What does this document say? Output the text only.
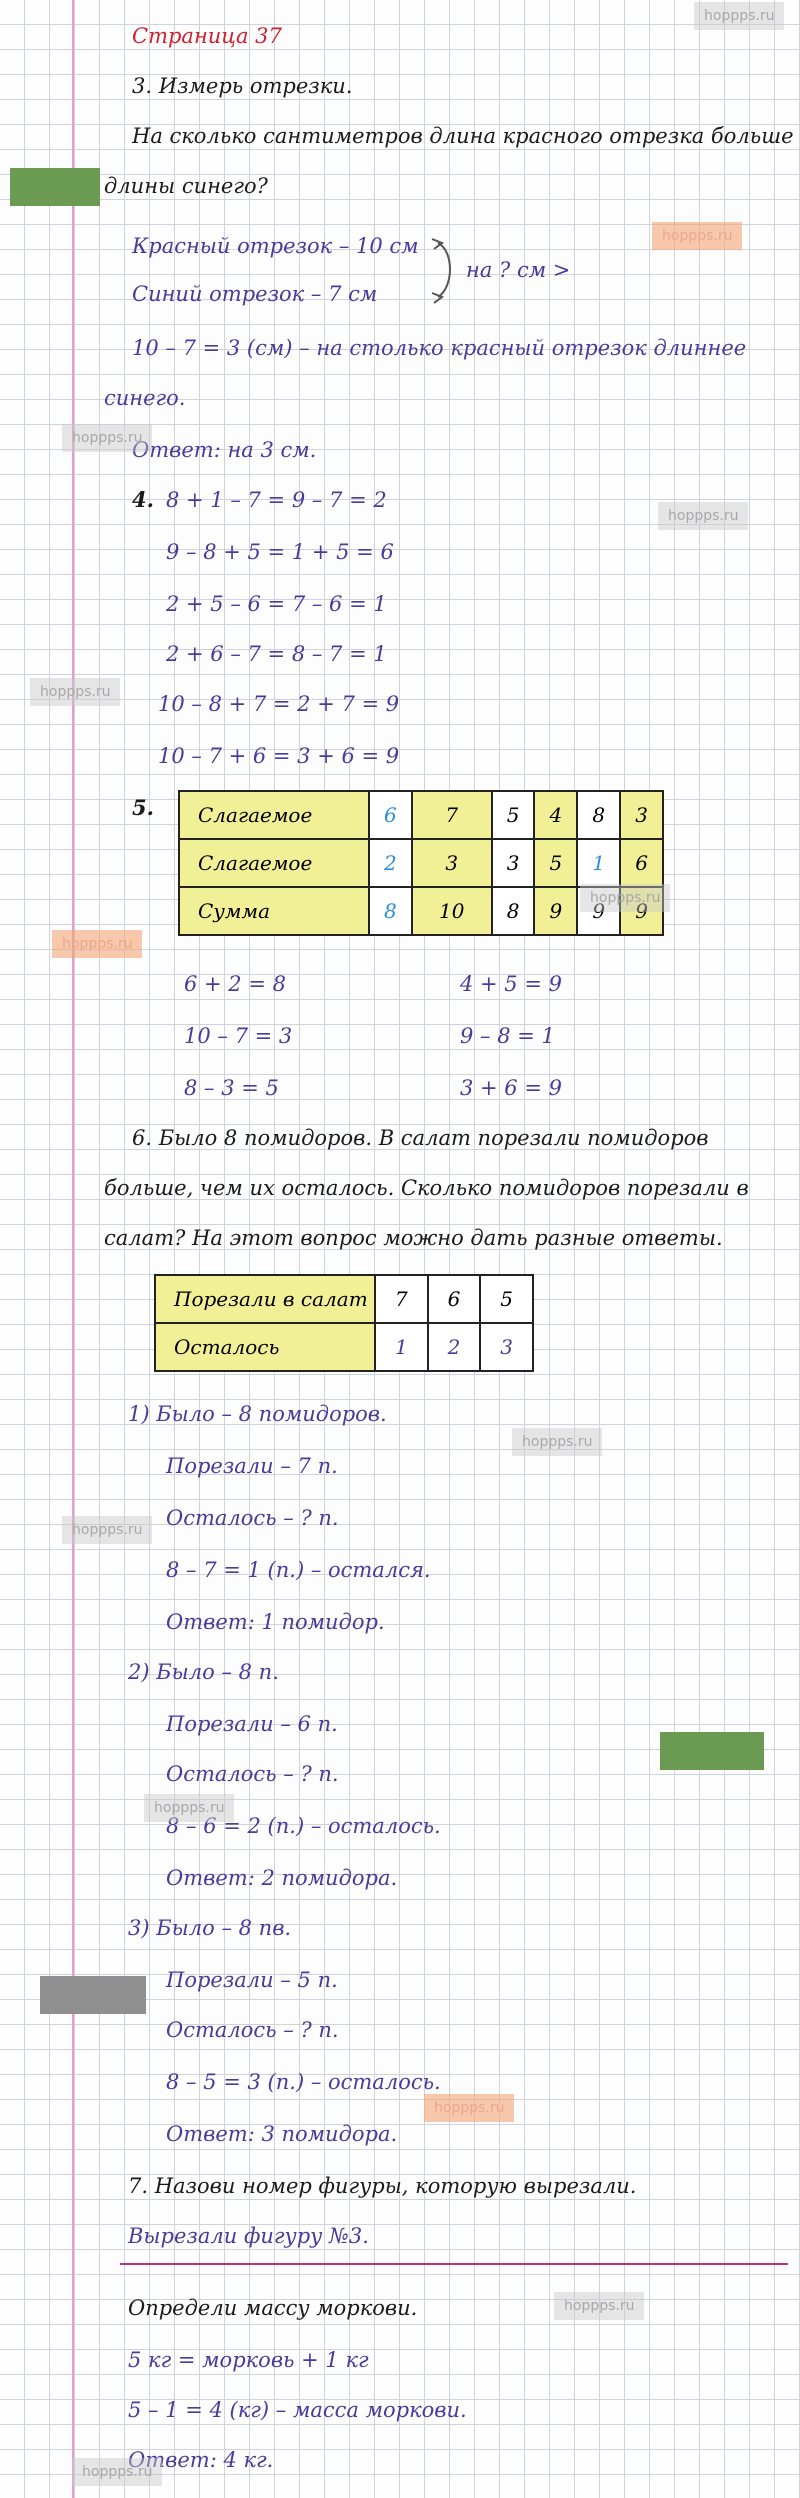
Страница 37
3. Измерь отрезки.
На сколько сантиметров длина красного отрезка больше
длины синего?
Красный отрезок – 10 см
Синий отрезок – 7 см
на ? см >
10 – 7 = 3 (см) – на столько красный отрезок длиннее
синего.
Ответ: на 3 см.
4. 8 + 1 – 7 = 9 – 7 = 2
9 – 8 + 5 = 1 + 5 = 6
2 + 5 – 6 = 7 – 6 = 1
2 + 6 – 7 = 8 – 7 = 1
10 – 8 + 7 = 2 + 7 = 9
10 – 7 + 6 = 3 + 6 = 9
5. Слагаемое	6	7	5	4	8	3
Слагаемое	2	3	3	5	1	6
Сумма	8	10	8	9	9	9
6 + 2 = 8
10 – 7 = 3
8 – 3 = 5
4 + 5 = 9
9 – 8 = 1
3 + 6 = 9
6. Было 8 помидоров. В салат порезали помидоров
больше, чем их осталось. Сколько помидоров порезали в
салат? На этот вопрос можно дать разные ответы.
Порезали в салат	7	6	5
Осталось	1	2	3
1) Было – 8 помидоров.
Порезали – 7 п.
Осталось – ? п.
8 – 7 = 1 (п.) – остался.
Ответ: 1 помидор.
2) Было – 8 п.
Порезали – 6 п.
Осталось – ? п.
8 – 6 = 2 (п.) – осталось.
Ответ: 2 помидора.
3) Было – 8 пв.
Порезали – 5 п.
Осталось – ? п.
8 – 5 = 3 (п.) – осталось.
Ответ: 3 помидора.
7. Назови номер фигуры, которую вырезали.
Вырезали фигуру №3.
Определи массу моркови.
5 кг = морковь + 1 кг
5 – 1 = 4 (кг) – масса моркови.
Ответ: 4 кг.
hoppps.ru
hoppps.ru
hoppps.ru
hoppps.ru
hoppps.ru
hoppps.ru
hoppps.ru
hoppps.ru
hoppps.ru
hoppps.ru
hoppps.ru
hoppps.ru
hoppps.ru
